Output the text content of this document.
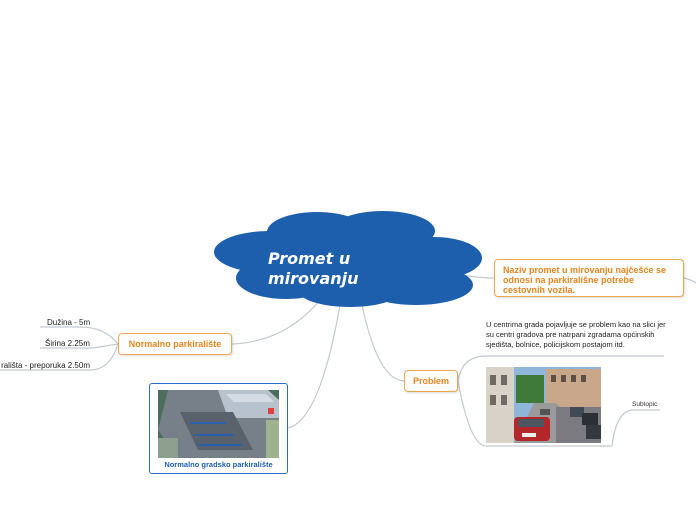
Promet u mirovanju	Naziv promet u mirovanju najčešće se odnosi na parkirališne potrebe cestovnih vozila.
Problem
Normalno parkiralište
Dužina - 5m
Širina 2.25m
rališta - preporuka 2.50m
U centrima grada pojavljuje se problem kao na slici jer su centri gradova pre natrpani zgradama općinskih sjedišta, bolnice, policijskom postajom itd.
Subtopic
Normalno gradsko parkiralište
